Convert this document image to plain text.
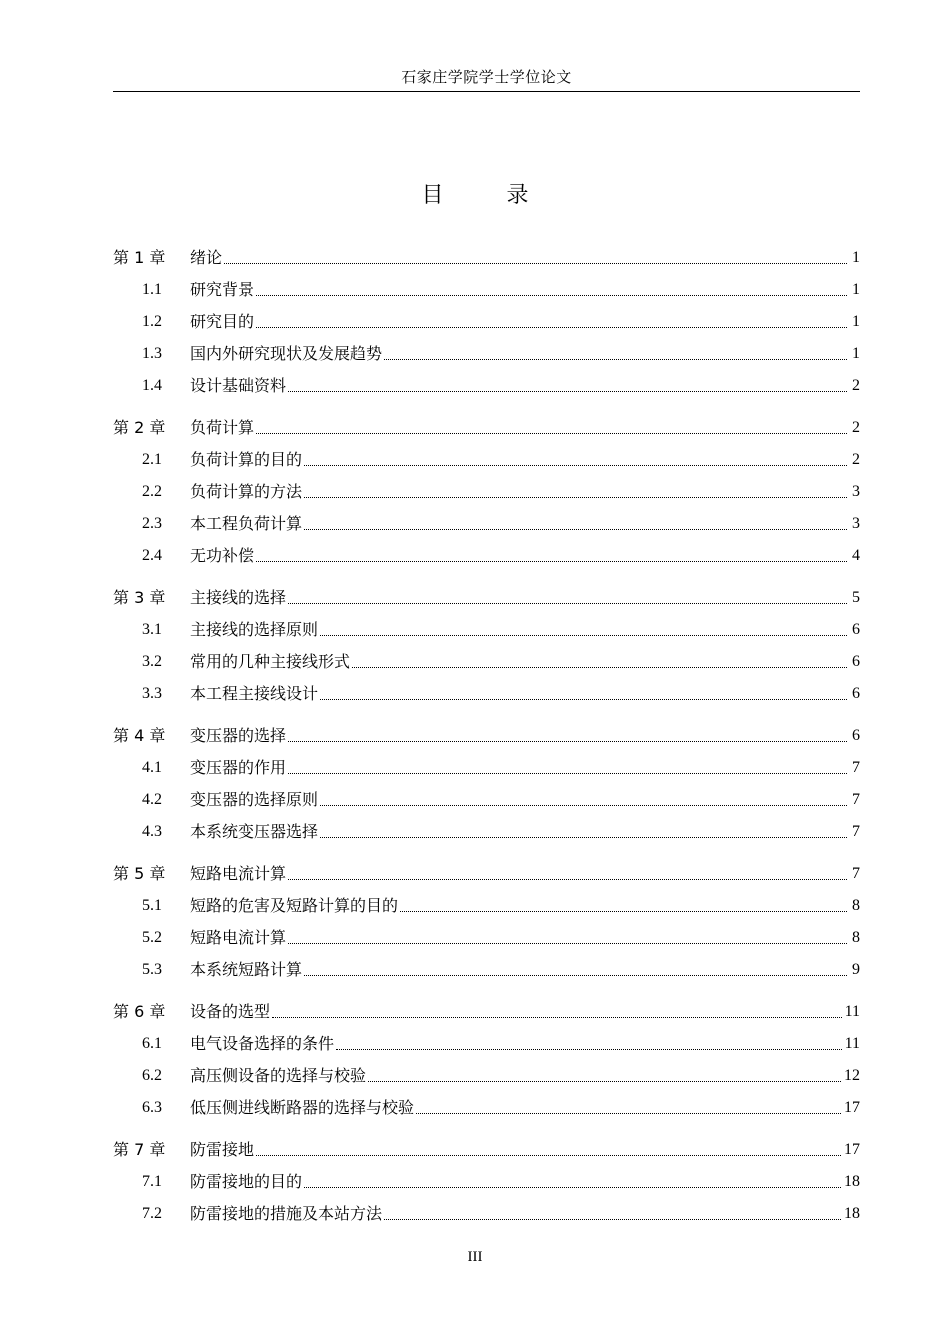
石家庄学院学士学位论文
目	录
第 1 章	绪论	1
1.1	研究背景	1
1.2	研究目的	1
1.3	国内外研究现状及发展趋势	1
1.4	设计基础资料	2
第 2 章	负荷计算	2
2.1	负荷计算的目的	2
2.2	负荷计算的方法	3
2.3	本工程负荷计算	3
2.4	无功补偿	4
第 3 章	主接线的选择	5
3.1	主接线的选择原则	6
3.2	常用的几种主接线形式	6
3.3	本工程主接线设计	6
第 4 章	变压器的选择	6
4.1	变压器的作用	7
4.2	变压器的选择原则	7
4.3	本系统变压器选择	7
第 5 章	短路电流计算	7
5.1	短路的危害及短路计算的目的	8
5.2	短路电流计算	8
5.3	本系统短路计算	9
第 6 章	设备的选型	11
6.1	电气设备选择的条件	11
6.2	高压侧设备的选择与校验	12
6.3	低压侧进线断路器的选择与校验	17
第 7 章	防雷接地	17
7.1	防雷接地的目的	18
7.2	防雷接地的措施及本站方法	18
III
